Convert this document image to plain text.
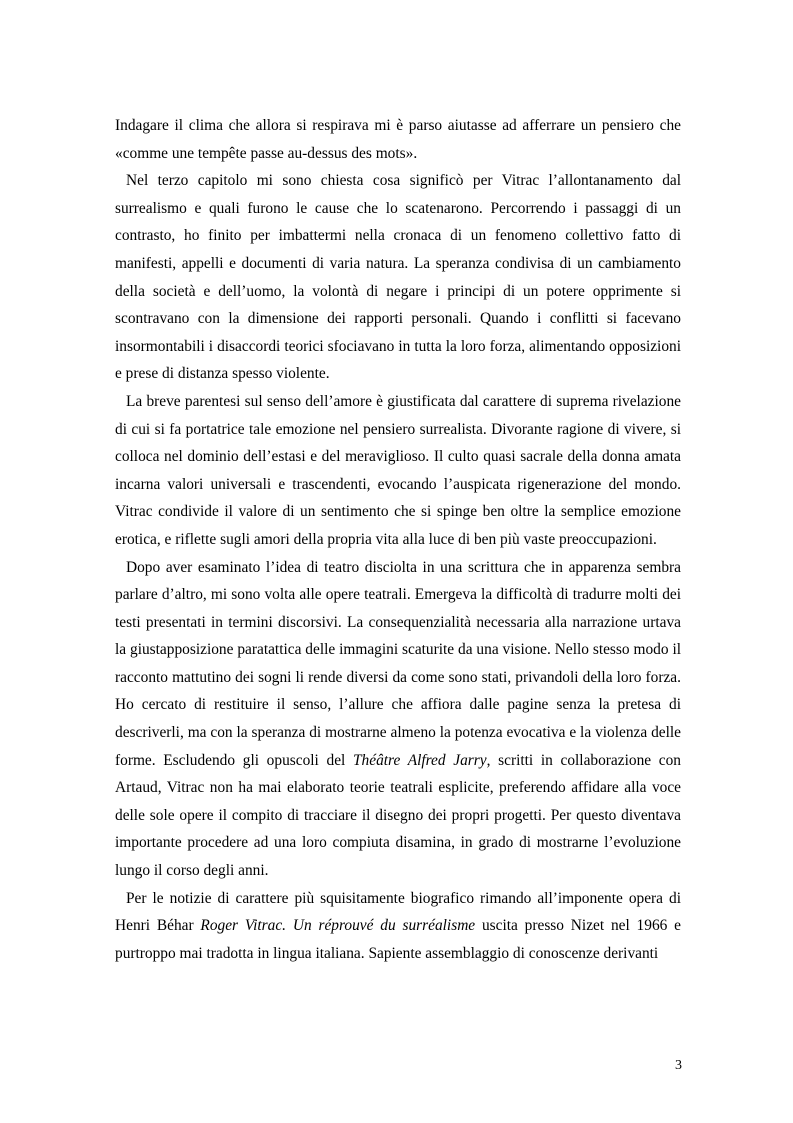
Indagare il clima che allora si respirava mi è parso aiutasse ad afferrare un pensiero che «comme une tempête passe au-dessus des mots».

Nel terzo capitolo mi sono chiesta cosa significò per Vitrac l’allontanamento dal surrealismo e quali furono le cause che lo scatenarono. Percorrendo i passaggi di un contrasto, ho finito per imbattermi nella cronaca di un fenomeno collettivo fatto di manifesti, appelli e documenti di varia natura. La speranza condivisa di un cambiamento della società e dell’uomo, la volontà di negare i principi di un potere opprimente si scontravano con la dimensione dei rapporti personali. Quando i conflitti si facevano insormontabili i disaccordi teorici sfociavano in tutta la loro forza, alimentando opposizioni e prese di distanza spesso violente.

La breve parentesi sul senso dell’amore è giustificata dal carattere di suprema rivelazione di cui si fa portatrice tale emozione nel pensiero surrealista. Divorante ragione di vivere, si colloca nel dominio dell’estasi e del meraviglioso. Il culto quasi sacrale della donna amata incarna valori universali e trascendenti, evocando l’auspicata rigenerazione del mondo. Vitrac condivide il valore di un sentimento che si spinge ben oltre la semplice emozione erotica, e riflette sugli amori della propria vita alla luce di ben più vaste preoccupazioni.

Dopo aver esaminato l’idea di teatro disciolta in una scrittura che in apparenza sembra parlare d’altro, mi sono volta alle opere teatrali. Emergeva la difficoltà di tradurre molti dei testi presentati in termini discorsivi. La consequenzialità necessaria alla narrazione urtava la giustapposizione paratattica delle immagini scaturite da una visione. Nello stesso modo il racconto mattutino dei sogni li rende diversi da come sono stati, privandoli della loro forza. Ho cercato di restituire il senso, l’allure che affiora dalle pagine senza la pretesa di descriverli, ma con la speranza di mostrarne almeno la potenza evocativa e la violenza delle forme. Escludendo gli opuscoli del Théâtre Alfred Jarry, scritti in collaborazione con Artaud, Vitrac non ha mai elaborato teorie teatrali esplicite, preferendo affidare alla voce delle sole opere il compito di tracciare il disegno dei propri progetti. Per questo diventava importante procedere ad una loro compiuta disamina, in grado di mostrarne l’evoluzione lungo il corso degli anni.

Per le notizie di carattere più squisitamente biografico rimando all’imponente opera di Henri Béhar Roger Vitrac. Un réprouvé du surréalisme uscita presso Nizet nel 1966 e purtroppo mai tradotta in lingua italiana. Sapiente assemblaggio di conoscenze derivanti

3
